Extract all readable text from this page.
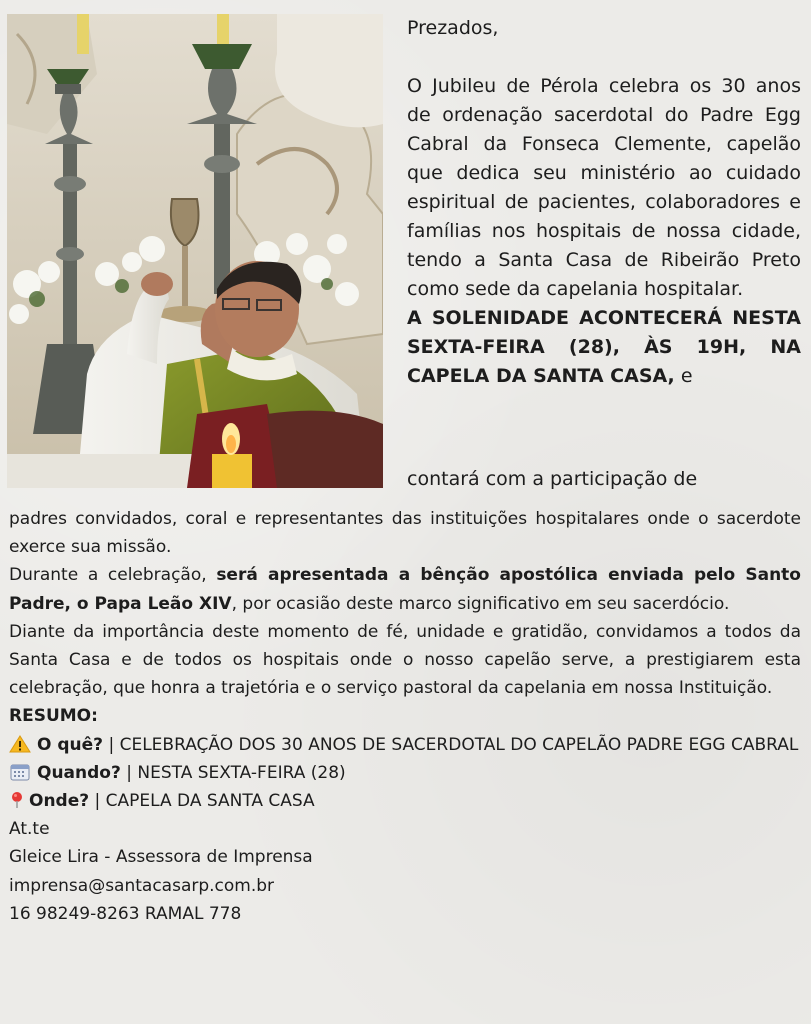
Prezados,

O Jubileu de Pérola celebra os 30 anos de ordenação sacerdotal do Padre Egg Cabral da Fonseca Clemente, capelão que dedica seu ministério ao cuidado espiritual de pacientes, colaboradores e famílias nos hospitais de nossa cidade, tendo a Santa Casa de Ribeirão Preto como sede da capelania hospitalar.

A SOLENIDADE ACONTECERÁ NESTA SEXTA-FEIRA (28), ÀS 19H, NA CAPELA DA SANTA CASA, e

contará com a participação de

padres convidados, coral e representantes das instituições hospitalares onde o sacerdote exerce sua missão.

Durante a celebração, será apresentada a bênção apostólica enviada pelo Santo Padre, o Papa Leão XIV, por ocasião deste marco significativo em seu sacerdócio.

Diante da importância deste momento de fé, unidade e gratidão, convidamos a todos da Santa Casa e de todos os hospitais onde o nosso capelão serve, a prestigiarem esta celebração, que honra a trajetória e o serviço pastoral da capelania em nossa Instituição.

RESUMO:

O quê? | CELEBRAÇÃO DOS 30 ANOS DE SACERDOTAL DO CAPELÃO PADRE EGG CABRAL

Quando? | NESTA SEXTA-FEIRA (28)

Onde? | CAPELA DA SANTA CASA

At.te

Gleice Lira - Assessora de Imprensa

imprensa@santacasarp.com.br

16 98249-8263 RAMAL 778
